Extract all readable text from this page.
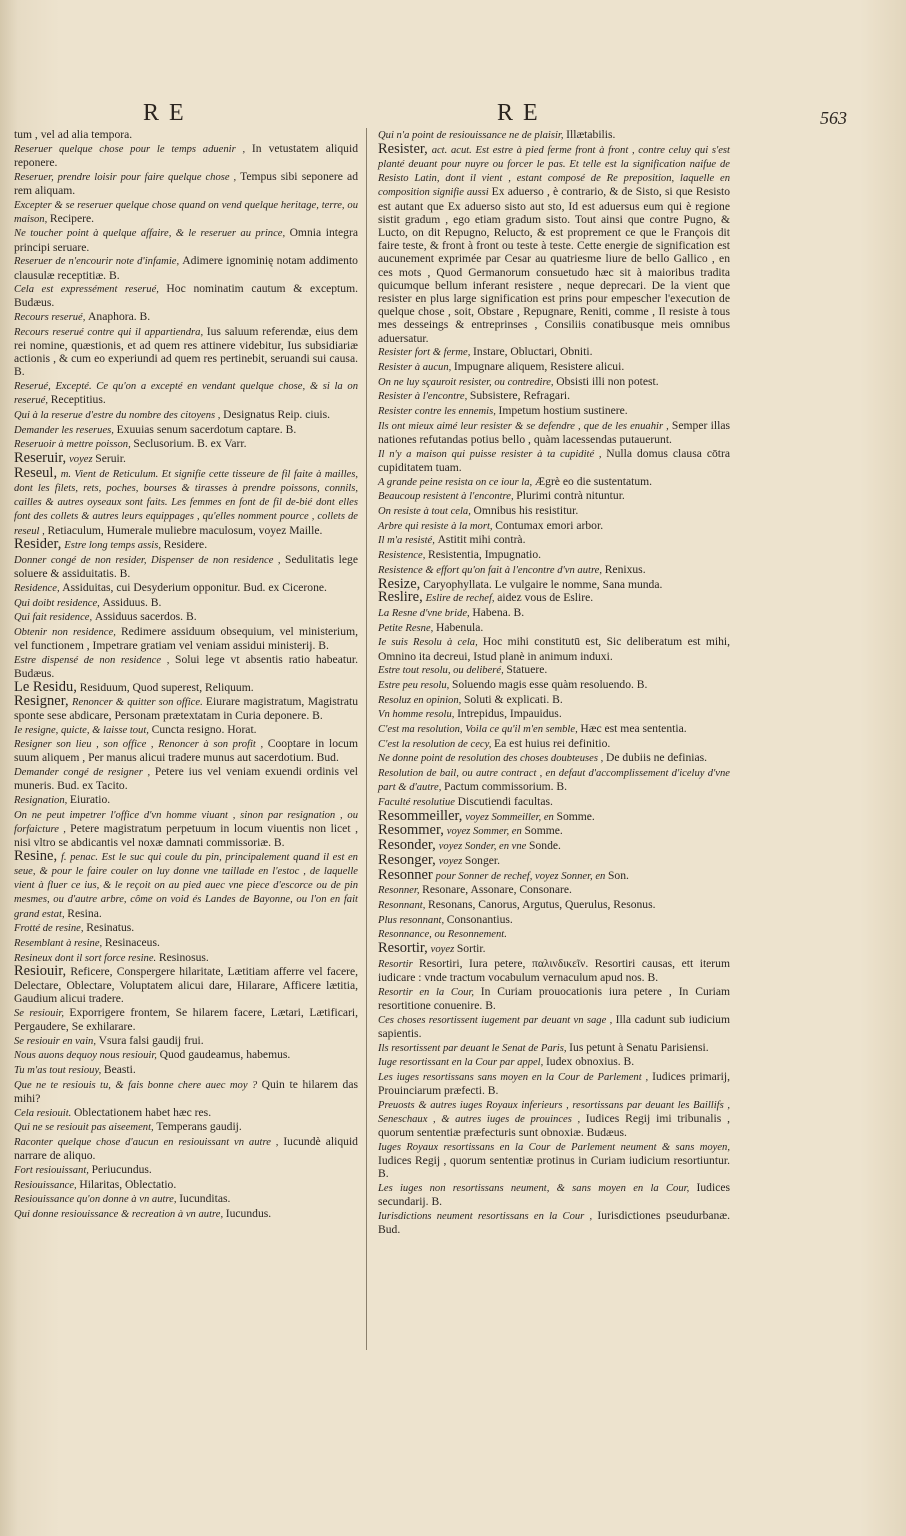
RE	RE	563

tum , vel ad alia tempora.

Reseruer quelque chose pour le temps aduenir , In vetustatem aliquid reponere.

Reseruer, prendre loisir pour faire quelque chose , Tempus sibi seponere ad rem aliquam.

Excepter & se reseruer quelque chose quand on vend quelque heritage, terre, ou maison, Recipere.

Ne toucher point à quelque affaire, & le reseruer au prince, Omnia integra principi seruare.

Reseruer de n'encourir note d'infamie, Adimere ignominię notam addimento clausulæ receptitiæ. B.

Cela est expressément reserué, Hoc nominatim cautum & exceptum. Budæus.

Recours reserué, Anaphora. B.

Recours reserué contre qui il appartiendra, Ius saluum referendæ, eius dem rei nomine, quæstionis, et ad quem res attinere videbitur, Ius subsidiariæ actionis , & cum eo experiundi ad quem res pertinebit, seruandi sui causa. B.

Reserué, Excepté. Ce qu'on a excepté en vendant quelque chose, & si la on reserué, Receptitius.

Qui à la reserue d'estre du nombre des citoyens , Designatus Reip. ciuis.

Demander les reserues, Exuuias senum sacerdotum captare. B.

Reseruoir à mettre poisson, Seclusorium. B. ex Varr.

Reseruir, voyez Seruir.

Reseul, m. Vient de Reticulum. Et signifie cette tisseure de fil faite à mailles, dont les filets, rets, poches, bourses & tirasses à prendre poissons, connils, cailles & autres oyseaux sont faits. Les femmes en font de fil de-bié dont elles font des collets & autres leurs equippages , qu'elles nomment pource , collets de reseul , Retiaculum, Humerale muliebre maculosum, voyez Maille.

Resider, Estre long temps assis, Residere.

Donner congé de non resider, Dispenser de non residence , Sedulitatis lege soluere & assiduitatis. B.

Residence, Assiduitas, cui Desyderium opponitur. Bud. ex Cicerone.

Qui doibt residence, Assiduus. B.

Qui fait residence, Assiduus sacerdos. B.

Obtenir non residence, Redimere assiduum obsequium, vel ministerium, vel functionem , Impetrare gratiam vel veniam assidui ministerij. B.

Estre dispensé de non residence , Solui lege vt absentis ratio habeatur. Budæus.

Le Residu, Residuum, Quod superest, Reliquum.

Resigner, Renoncer & quitter son office. Eiurare magistratum, Magistratu sponte sese abdicare, Personam prætextatam in Curia deponere. B.

Ie resigne, quicte, & laisse tout, Cuncta resigno. Horat.

Resigner son lieu , son office , Renoncer à son profit , Cooptare in locum suum aliquem , Per manus alicui tradere munus aut sacerdotium. Bud.

Demander congé de resigner , Petere ius vel veniam exuendi ordinis vel muneris. Bud. ex Tacito.

Resignation, Eiuratio.

On ne peut impetrer l'office d'vn homme viuant , sinon par resignation , ou forfaicture , Petere magistratum perpetuum in locum viuentis non licet , nisi vltro se abdicantis vel noxæ damnati commissoriæ. B.

Resine, f. penac. Est le suc qui coule du pin, principalement quand il est en seue, & pour le faire couler on luy donne vne taillade en l'estoc , de laquelle vient à fluer ce ius, & le reçoit on au pied auec vne piece d'escorce ou de pin mesmes, ou d'autre arbre, côme on void és Landes de Bayonne, ou l'on en fait grand estat, Resina.

Frotté de resine, Resinatus.

Resemblant à resine, Resinaceus.

Resineux dont il sort force resine. Resinosus.

Resiouir, Reficere, Conspergere hilaritate, Lætitiam afferre vel facere, Delectare, Oblectare, Voluptatem alicui dare, Hilarare, Afficere lætitia, Gaudium alicui tradere.

Se resiouir, Exporrigere frontem, Se hilarem facere, Lætari, Lætificari, Pergaudere, Se exhilarare.

Se resiouir en vain, Vsura falsi gaudij frui.

Nous auons dequoy nous resiouir, Quod gaudeamus, habemus.

Tu m'as tout resiouy, Beasti.

Que ne te resiouis tu, & fais bonne chere auec moy ? Quin te hilarem das mihi?

Cela resiouit. Oblectationem habet hæc res.

Qui ne se resiouit pas aiseement, Temperans gaudij.

Raconter quelque chose d'aucun en resiouissant vn autre , Iucundè aliquid narrare de aliquo.

Fort resiouissant, Periucundus.

Resiouissance, Hilaritas, Oblectatio.

Resiouissance qu'on donne à vn autre, Iucunditas.

Qui donne resiouissance & recreation à vn autre, Iucundus.

Qui n'a point de resiouissance ne de plaisir, Illætabilis.

Resister, act. acut. Est estre à pied ferme front à front , contre celuy qui s'est planté deuant pour nuyre ou forcer le pas. Et telle est la signification naifue de Resisto Latin, dont il vient , estant composé de Re preposition, laquelle en composition signifie aussi Ex aduerso , è contrario, & de Sisto, si que Resisto est autant que Ex aduerso sisto aut sto, Id est aduersus eum qui è regione sistit gradum , ego etiam gradum sisto. Tout ainsi que contre Pugno, & Lucto, on dit Repugno, Relucto, & est proprement ce que le François dit faire teste, & front à front ou teste à teste. Cette energie de signification est aucunement exprimée par Cesar au quatriesme liure de bello Gallico , en ces mots , Quod Germanorum consuetudo hæc sit à maioribus tradita quicumque bellum inferant resistere , neque deprecari. De la vient que resister en plus large signification est prins pour empescher l'execution de quelque chose , soit, Obstare , Repugnare, Reniti, comme , Il resiste à tous mes desseings & entreprinses , Consiliis conatibusque meis omnibus aduersatur.

Resister fort & ferme, Instare, Obluctari, Obniti.

Resister à aucun, Impugnare aliquem, Resistere alicui.

On ne luy sçauroit resister, ou contredire, Obsisti illi non potest.

Resister à l'encontre, Subsistere, Refragari.

Resister contre les ennemis, Impetum hostium sustinere.

Ils ont mieux aimé leur resister & se defendre , que de les enuahir , Semper illas nationes refutandas potius bello , quàm lacessendas putauerunt.

Il n'y a maison qui puisse resister à ta cupidité , Nulla domus clausa cōtra cupiditatem tuam.

A grande peine resista on ce iour la, Ægrè eo die sustentatum.

Beaucoup resistent à l'encontre, Plurimi contrà nituntur.

On resiste à tout cela, Omnibus his resistitur.

Arbre qui resiste à la mort, Contumax emori arbor.

Il m'a resisté, Astitit mihi contrà.

Resistence, Resistentia, Impugnatio.

Resistence & effort qu'on fait à l'encontre d'vn autre, Renixus.

Resize, Caryophyllata. Le vulgaire le nomme, Sana munda.

Reslire, Eslire de rechef, aidez vous de Eslire.

La Resne d'vne bride, Habena. B.

Petite Resne, Habenula.

Ie suis Resolu à cela, Hoc mihi constitutū est, Sic deliberatum est mihi, Omnino ita decreui, Istud planè in animum induxi.

Estre tout resolu, ou deliberé, Statuere.

Estre peu resolu, Soluendo magis esse quàm resoluendo. B.

Resoluz en opinion, Soluti & explicati. B.

Vn homme resolu, Intrepidus, Impauidus.

C'est ma resolution, Voila ce qu'il m'en semble, Hæc est mea sententia.

C'est la resolution de cecy, Ea est huius rei definitio.

Ne donne point de resolution des choses doubteuses , De dubiis ne definias.

Resolution de bail, ou autre contract , en defaut d'accomplissement d'iceluy d'vne part & d'autre, Pactum commissorium. B.

Faculté resolutiue Discutiendi facultas.

Resommeiller, voyez Sommeiller, en Somme.

Resommer, voyez Sommer, en Somme.

Resonder, voyez Sonder, en vne Sonde.

Resonger, voyez Songer.

Resonner pour Sonner de rechef, voyez Sonner, en Son.

Resonner, Resonare, Assonare, Consonare.

Resonnant, Resonans, Canorus, Argutus, Querulus, Resonus.

Plus resonnant, Consonantius.

Resonnance, ou Resonnement.

Resortir, voyez Sortir.

Resortir Resortiri, Iura petere, παλινδικεῖν. Resortiri causas, ett iterum iudicare : vnde tractum vocabulum vernaculum apud nos. B.

Resortir en la Cour, In Curiam prouocationis iura petere , In Curiam resortitione conuenire. B.

Ces choses resortissent iugement par deuant vn sage , Illa cadunt sub iudicium sapientis.

Ils resortissent par deuant le Senat de Paris, Ius petunt à Senatu Parisiensi.

Iuge resortissant en la Cour par appel, Iudex obnoxius. B.

Les iuges resortissans sans moyen en la Cour de Parlement , Iudices primarij, Prouinciarum præfecti. B.

Preuosts & autres iuges Royaux inferieurs , resortissans par deuant les Baillifs , Seneschaux , & autres iuges de prouinces , Iudices Regij imi tribunalis , quorum sententiæ præfecturis sunt obnoxiæ. Budæus.

Iuges Royaux resortissans en la Cour de Parlement neument & sans moyen,Iudices Regij , quorum sententiæ protinus in Curiam iudicium resortiuntur. B.

Les iuges non resortissans neument, & sans moyen en la Cour, Iudices secundarij. B.

Iurisdictions neument resortissans en la Cour , Iurisdictiones pseudurbanæ. Bud.
